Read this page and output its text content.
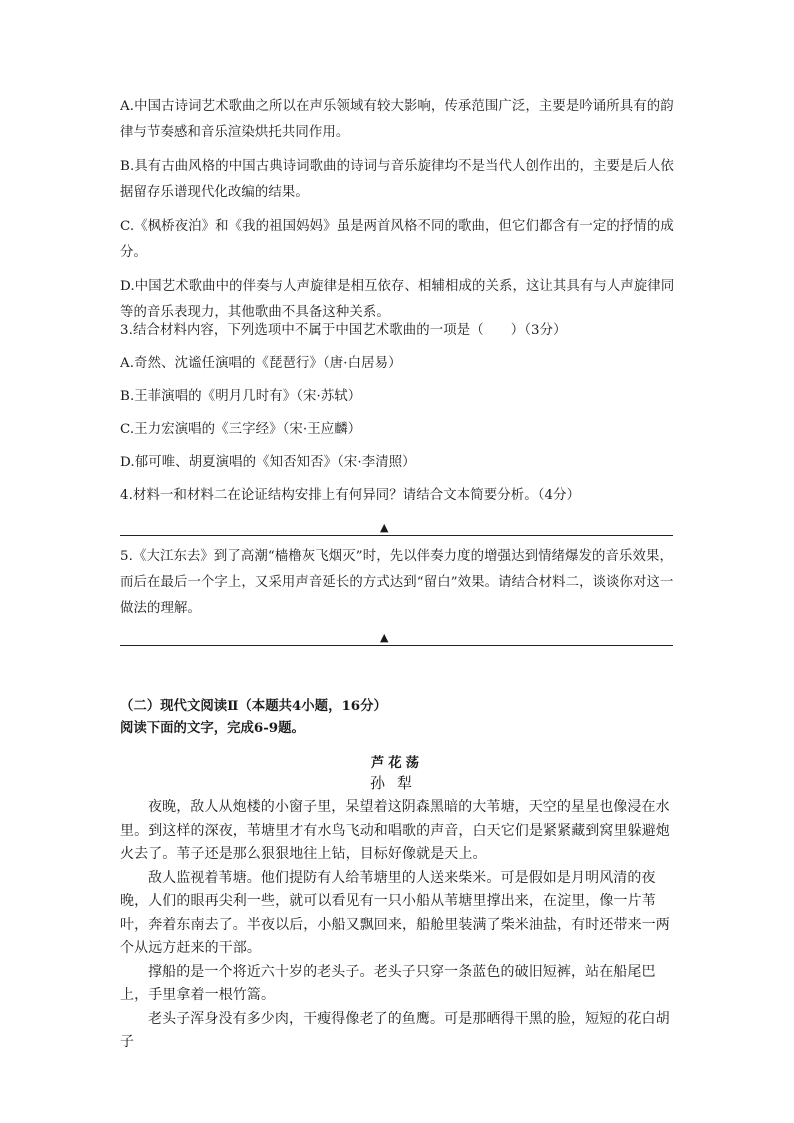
A.中国古诗词艺术歌曲之所以在声乐领域有较大影响，传承范围广泛，主要是吟诵所具有的韵律与节奏感和音乐渲染烘托共同作用。

B.具有古曲风格的中国古典诗词歌曲的诗词与音乐旋律均不是当代人创作出的，主要是后人依据留存乐谱现代化改编的结果。

C.《枫桥夜泊》和《我的祖国妈妈》虽是两首风格不同的歌曲，但它们都含有一定的抒情的成分。

D.中国艺术歌曲中的伴奏与人声旋律是相互依存、相辅相成的关系，这让其具有与人声旋律同等的音乐表现力，其他歌曲不具备这种关系。

3.结合材料内容，下列选项中不属于中国艺术歌曲的一项是（　　）（3分）

A.奇然、沈谧任演唱的《琵琶行》（唐·白居易）

B.王菲演唱的《明月几时有》（宋·苏轼）

C.王力宏演唱的《三字经》（宋·王应麟）

D.郁可唯、胡夏演唱的《知否知否》（宋·李清照）

4.材料一和材料二在论证结构安排上有何异同？请结合文本简要分析。（4分）

▲

5.《大江东去》到了高潮“樯橹灰飞烟灭”时，先以伴奏力度的增强达到情绪爆发的音乐效果，而后在最后一个字上，又采用声音延长的方式达到“留白”效果。请结合材料二，谈谈你对这一做法的理解。

▲
（二）现代文阅读Ⅱ（本题共4小题，16分）
阅读下面的文字，完成6-9题。
芦花荡
孙犁

夜晚，敌人从炮楼的小窗子里，呆望着这阴森黑暗的大苇塘，天空的星星也像浸在水里。到这样的深夜，苇塘里才有水鸟飞动和唱歌的声音，白天它们是紧紧藏到窝里躲避炮火去了。苇子还是那么狠狠地往上钻，目标好像就是天上。

敌人监视着苇塘。他们提防有人给苇塘里的人送来柴米。可是假如是月明风清的夜晚，人们的眼再尖利一些，就可以看见有一只小船从苇塘里撑出来，在淀里，像一片苇叶，奔着东南去了。半夜以后，小船又飘回来，船舱里装满了柴米油盐，有时还带来一两个从远方赶来的干部。

撑船的是一个将近六十岁的老头子。老头子只穿一条蓝色的破旧短裤，站在船尾巴上，手里拿着一根竹篙。

老头子浑身没有多少肉，干瘦得像老了的鱼鹰。可是那晒得干黑的脸，短短的花白胡子
